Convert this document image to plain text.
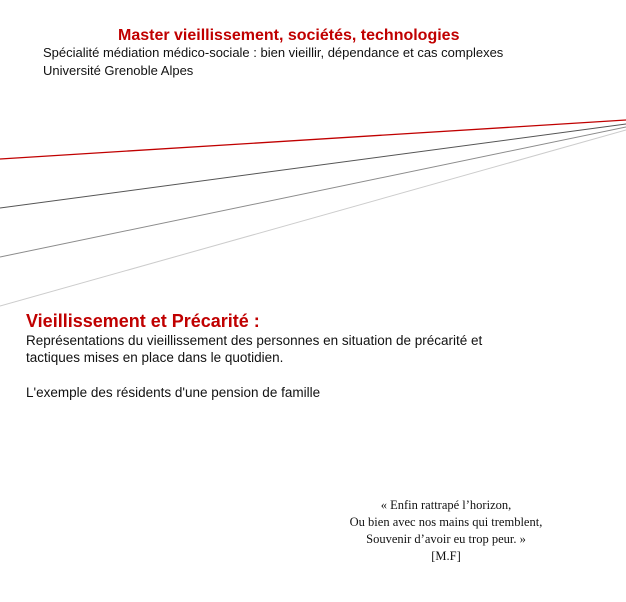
Master vieillissement, sociétés, technologies

Spécialité médiation médico-sociale : bien vieillir, dépendance et cas complexes

Université Grenoble Alpes

Vieillissement et Précarité :

Représentations du vieillissement des personnes en situation de précarité et
tactiques mises en place dans le quotidien.

L'exemple des résidents d'une pension de famille

« Enfin rattrapé l’horizon,
Ou bien avec nos mains qui tremblent,
Souvenir d’avoir eu trop peur. »
[M.F]
